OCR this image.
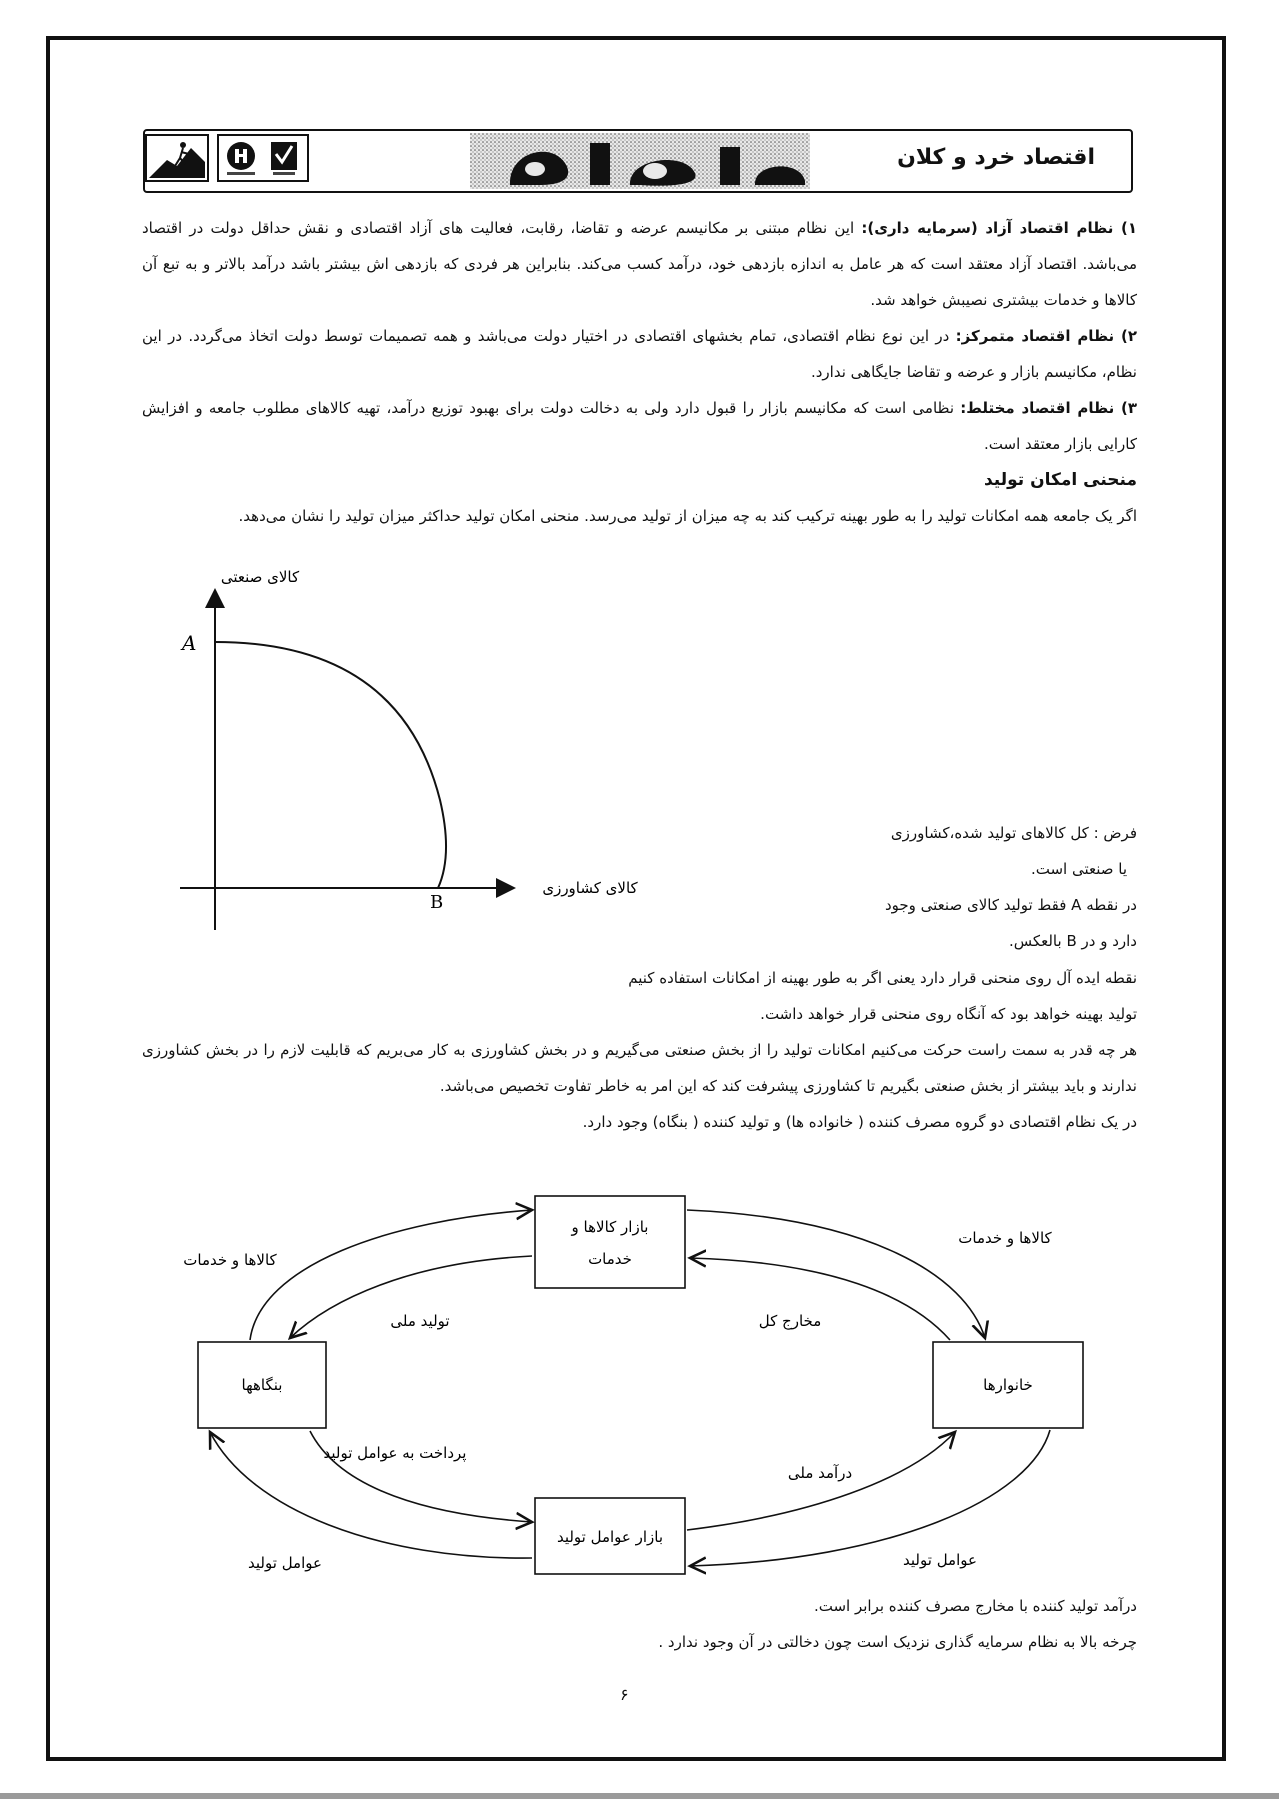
اقتصاد خرد و کلان

۱) نظام اقتصاد آزاد (سرمایه داری): این نظام مبتنی بر مکانیسم عرضه و تقاضا، رقابت، فعالیت های آزاد اقتصادی و نقش حداقل دولت در اقتصاد می‌باشد. اقتصاد آزاد معتقد است که هر عامل به اندازه بازدهی خود، درآمد کسب می‌کند. بنابراین هر فردی که بازدهی اش بیشتر باشد درآمد بالاتر و به تبع آن کالاها و خدمات بیشتری نصیبش خواهد شد.

۲) نظام اقتصاد متمرکز: در این نوع نظام اقتصادی، تمام بخشهای اقتصادی در اختیار دولت می‌باشد و همه تصمیمات توسط دولت اتخاذ می‌گردد. در این نظام، مکانیسم بازار و عرضه و تقاضا جایگاهی ندارد.

۳) نظام اقتصاد مختلط: نظامی است که مکانیسم بازار را قبول دارد ولی به دخالت دولت برای بهبود توزیع درآمد، تهیه کالاهای مطلوب جامعه و افزایش کارایی بازار معتقد است.

منحنی امکان تولید

اگر یک جامعه همه امکانات تولید را به طور بهینه ترکیب کند به چه میزان از تولید می‌رسد. منحنی امکان تولید حداکثر میزان تولید را نشان می‌دهد.

A
B
کالای صنعتی
کالای کشاورزی
فرض : کل کالاهای تولید شده،کشاورزی
یا صنعتی است.
در نقطه A فقط تولید کالای صنعتی وجود
دارد و در B بالعکس.

نقطه ایده آل روی منحنی قرار دارد یعنی اگر به طور بهینه از امکانات استفاده کنیم

تولید بهینه خواهد بود که آنگاه روی منحنی قرار خواهد داشت.

هر چه قدر به سمت راست حرکت می‌کنیم امکانات تولید را از بخش صنعتی می‌گیریم و در بخش کشاورزی به کار می‌بریم که قابلیت لازم را در بخش کشاورزی ندارند و باید بیشتر از بخش صنعتی بگیریم تا کشاورزی پیشرفت کند که این امر به خاطر تفاوت تخصیص می‌باشد.

در یک نظام اقتصادی دو گروه مصرف کننده ( خانواده ها) و تولید کننده ( بنگاه) وجود دارد.

بازار کالاها و
خدمات
بنگاهها	خانوارها
بازار عوامل تولید
کالاها و خدمات
کالاها و خدمات
تولید ملی	مخارج کل
پرداخت به عوامل تولید
درآمد ملی
عوامل تولید	عوامل تولید

درآمد تولید کننده با مخارج مصرف کننده برابر است.

چرخه بالا به نظام سرمایه گذاری نزدیک است چون دخالتی در آن وجود ندارد .

۶
